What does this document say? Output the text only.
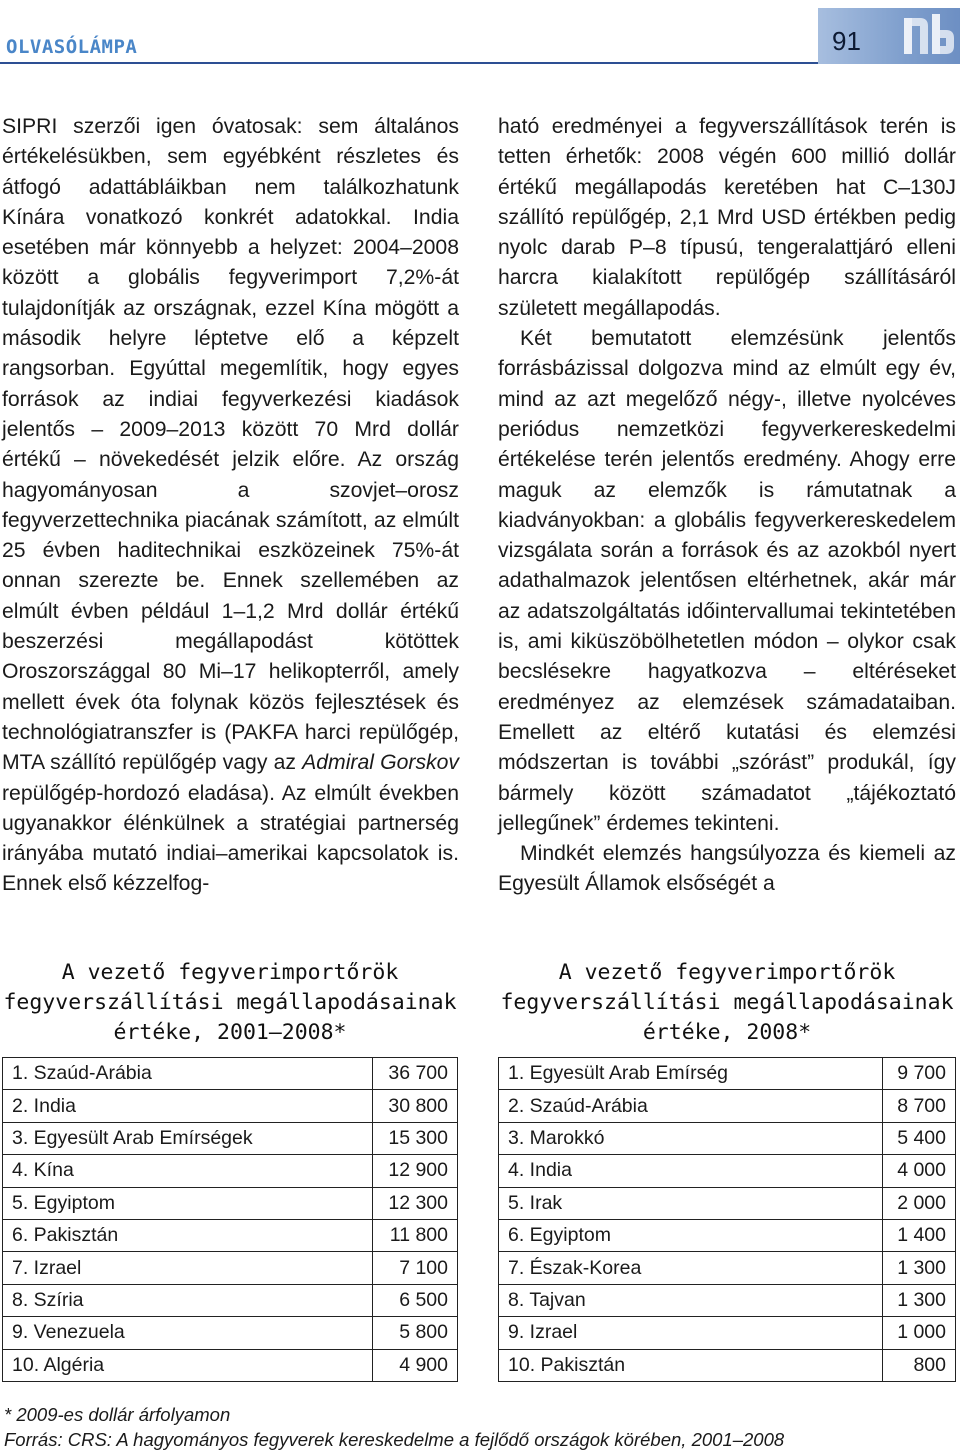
OLVASÓLÁMPA	91

SIPRI szerzői igen óvatosak: sem általános értékelésükben, sem egyébként részletes és átfogó adattábláikban nem találkozhatunk Kínára vonatkozó konkrét adatokkal. India esetében már könnyebb a helyzet: 2004–2008 között a globális fegyverimport 7,2%-át tulajdonítják az országnak, ezzel Kína mögött a második helyre léptetve elő a képzelt rangsorban. Egyúttal megemlítik, hogy egyes források az indiai fegyverkezési kiadások jelentős – 2009–2013 között 70 Mrd dollár értékű – növekedését jelzik előre. Az ország hagyományosan a szovjet–orosz fegyverzettechnika piacának számított, az elmúlt 25 évben haditechnikai eszközeinek 75%-át onnan szerezte be. Ennek szellemében az elmúlt évben például 1–1,2 Mrd dollár értékű beszerzési megállapodást kötöttek Oroszországgal 80 Mi–17 helikopterről, amely mellett évek óta folynak közös fejlesztések és technológiatranszfer is (PAKFA harci repülőgép, MTA szállító repülőgép vagy az Admiral Gorskov repülőgép-hordozó eladása). Az elmúlt években ugyanakkor élénkülnek a stratégiai partnerség irányába mutató indiai–amerikai kapcsolatok is. Ennek első kézzelfog-

ható eredményei a fegyverszállítások terén is tetten érhetők: 2008 végén 600 millió dollár értékű megállapodás keretében hat C–130J szállító repülőgép, 2,1 Mrd USD értékben pedig nyolc darab P–8 típusú, tengeralattjáró elleni harcra kialakított repülőgép szállításáról született megállapodás.

Két bemutatott elemzésünk jelentős forrásbázissal dolgozva mind az elmúlt egy év, mind az azt megelőző négy-, illetve nyolcéves periódus nemzetközi fegyverkereskedelmi értékelése terén jelentős eredmény. Ahogy erre maguk az elemzők is rámutatnak a kiadványokban: a globális fegyverkereskedelem vizsgálata során a források és az azokból nyert adathalmazok jelentősen eltérhetnek, akár már az adatszolgáltatás időintervallumai tekintetében is, ami kiküszöbölhetetlen módon – olykor csak becslésekre hagyatkozva – eltéréseket eredményez az elemzések számadataiban. Emellett az eltérő kutatási és elemzési módszertan is további „szórást” produkál, így bármely között számadatot „tájékoztató jellegűnek” érdemes tekinteni.

Mindkét elemzés hangsúlyozza és kiemeli az Egyesült Államok elsőségét a

A vezető fegyverimportőrök
fegyverszállítási megállapodásainak
értéke, 2001–2008*
A vezető fegyverimportőrök
fegyverszállítási megállapodásainak
értéke, 2008*
1. Szaúd-Arábia	36 700
2. India	30 800
3. Egyesült Arab Emírségek	15 300
4. Kína	12 900
5. Egyiptom	12 300
6. Pakisztán	11 800
7. Izrael	7 100
8. Szíria	6 500
9. Venezuela	5 800
10. Algéria	4 900
1. Egyesült Arab Emírség	9 700
2. Szaúd-Arábia	8 700
3. Marokkó	5 400
4. India	4 000
5. Irak	2 000
6. Egyiptom	1 400
7. Észak-Korea	1 300
8. Tajvan	1 300
9. Izrael	1 000
10. Pakisztán	800
* 2009-es dollár árfolyamon
Forrás: CRS: A hagyományos fegyverek kereskedelme a fejlődő országok körében, 2001–2008
